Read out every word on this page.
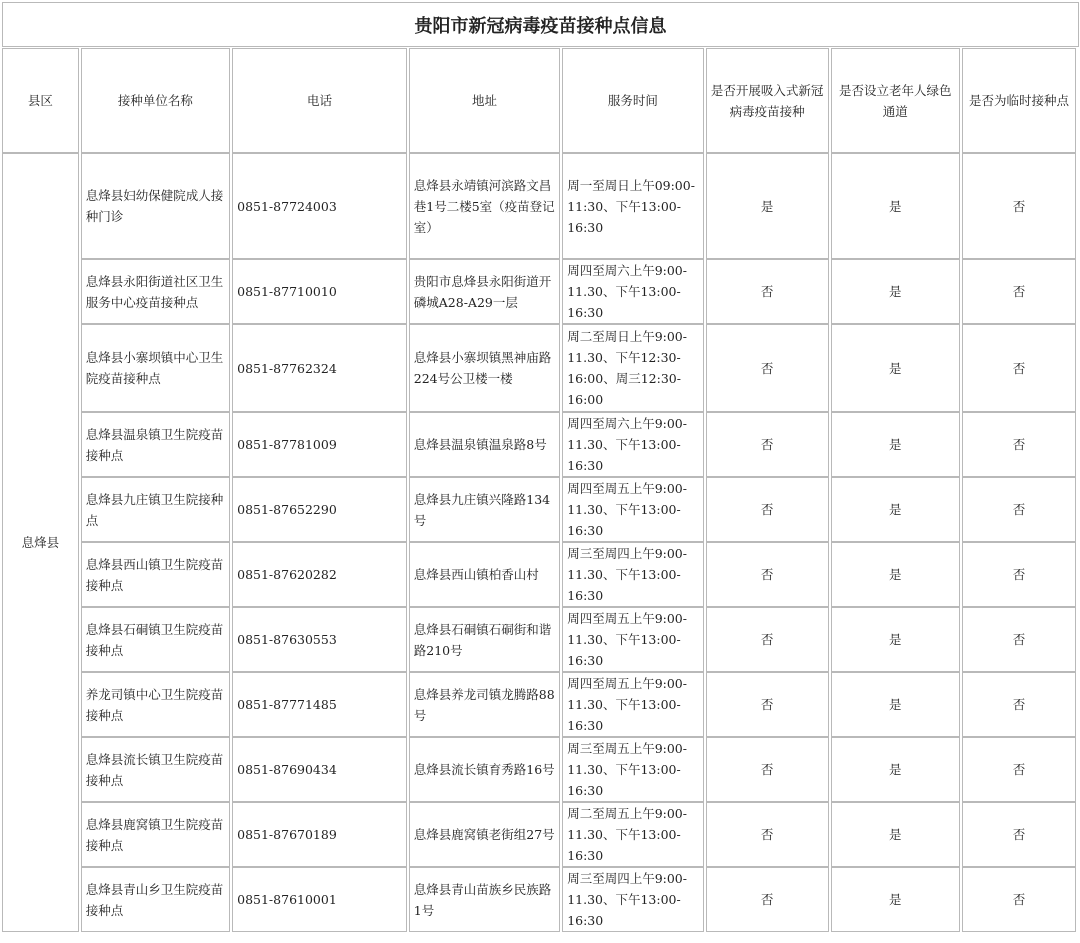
贵阳市新冠病毒疫苗接种点信息
县区	接种单位名称	电话	地址	服务时间	是否开展吸入式新冠病毒疫苗接种	是否设立老年人绿色通道	是否为临时接种点
息烽县	息烽县妇幼保健院成人接种门诊	0851-87724003	息烽县永靖镇河滨路文昌巷1号二楼5室（疫苗登记室）	周一至周日上午09:00-11:30、下午13:00-16:30	是	是	否
	息烽县永阳街道社区卫生服务中心疫苗接种点	0851-87710010	贵阳市息烽县永阳街道开磷城A28-A29一层	周四至周六上午9:00-11.30、下午13:00-16:30	否	是	否
	息烽县小寨坝镇中心卫生院疫苗接种点	0851-87762324	息烽县小寨坝镇黑神庙路224号公卫楼一楼	周二至周日上午9:00-11.30、下午12:30-16:00、周三12:30-16:00	否	是	否
	息烽县温泉镇卫生院疫苗接种点	0851-87781009	息烽县温泉镇温泉路8号	周四至周六上午9:00-11.30、下午13:00-16:30	否	是	否
	息烽县九庄镇卫生院接种点	0851-87652290	息烽县九庄镇兴隆路134号	周四至周五上午9:00-11.30、下午13:00-16:30	否	是	否
	息烽县西山镇卫生院疫苗接种点	0851-87620282	息烽县西山镇柏香山村	周三至周四上午9:00-11.30、下午13:00-16:30	否	是	否
	息烽县石硐镇卫生院疫苗接种点	0851-87630553	息烽县石硐镇石硐街和谐路210号	周四至周五上午9:00-11.30、下午13:00-16:30	否	是	否
	养龙司镇中心卫生院疫苗接种点	0851-87771485	息烽县养龙司镇龙腾路88号	周四至周五上午9:00-11.30、下午13:00-16:30	否	是	否
	息烽县流长镇卫生院疫苗接种点	0851-87690434	息烽县流长镇育秀路16号	周三至周五上午9:00-11.30、下午13:00-16:30	否	是	否
	息烽县鹿窝镇卫生院疫苗接种点	0851-87670189	息烽县鹿窝镇老街组27号	周二至周五上午9:00-11.30、下午13:00-16:30	否	是	否
	息烽县青山乡卫生院疫苗接种点	0851-87610001	息烽县青山苗族乡民族路1号	周三至周四上午9:00-11.30、下午13:00-16:30	否	是	否
